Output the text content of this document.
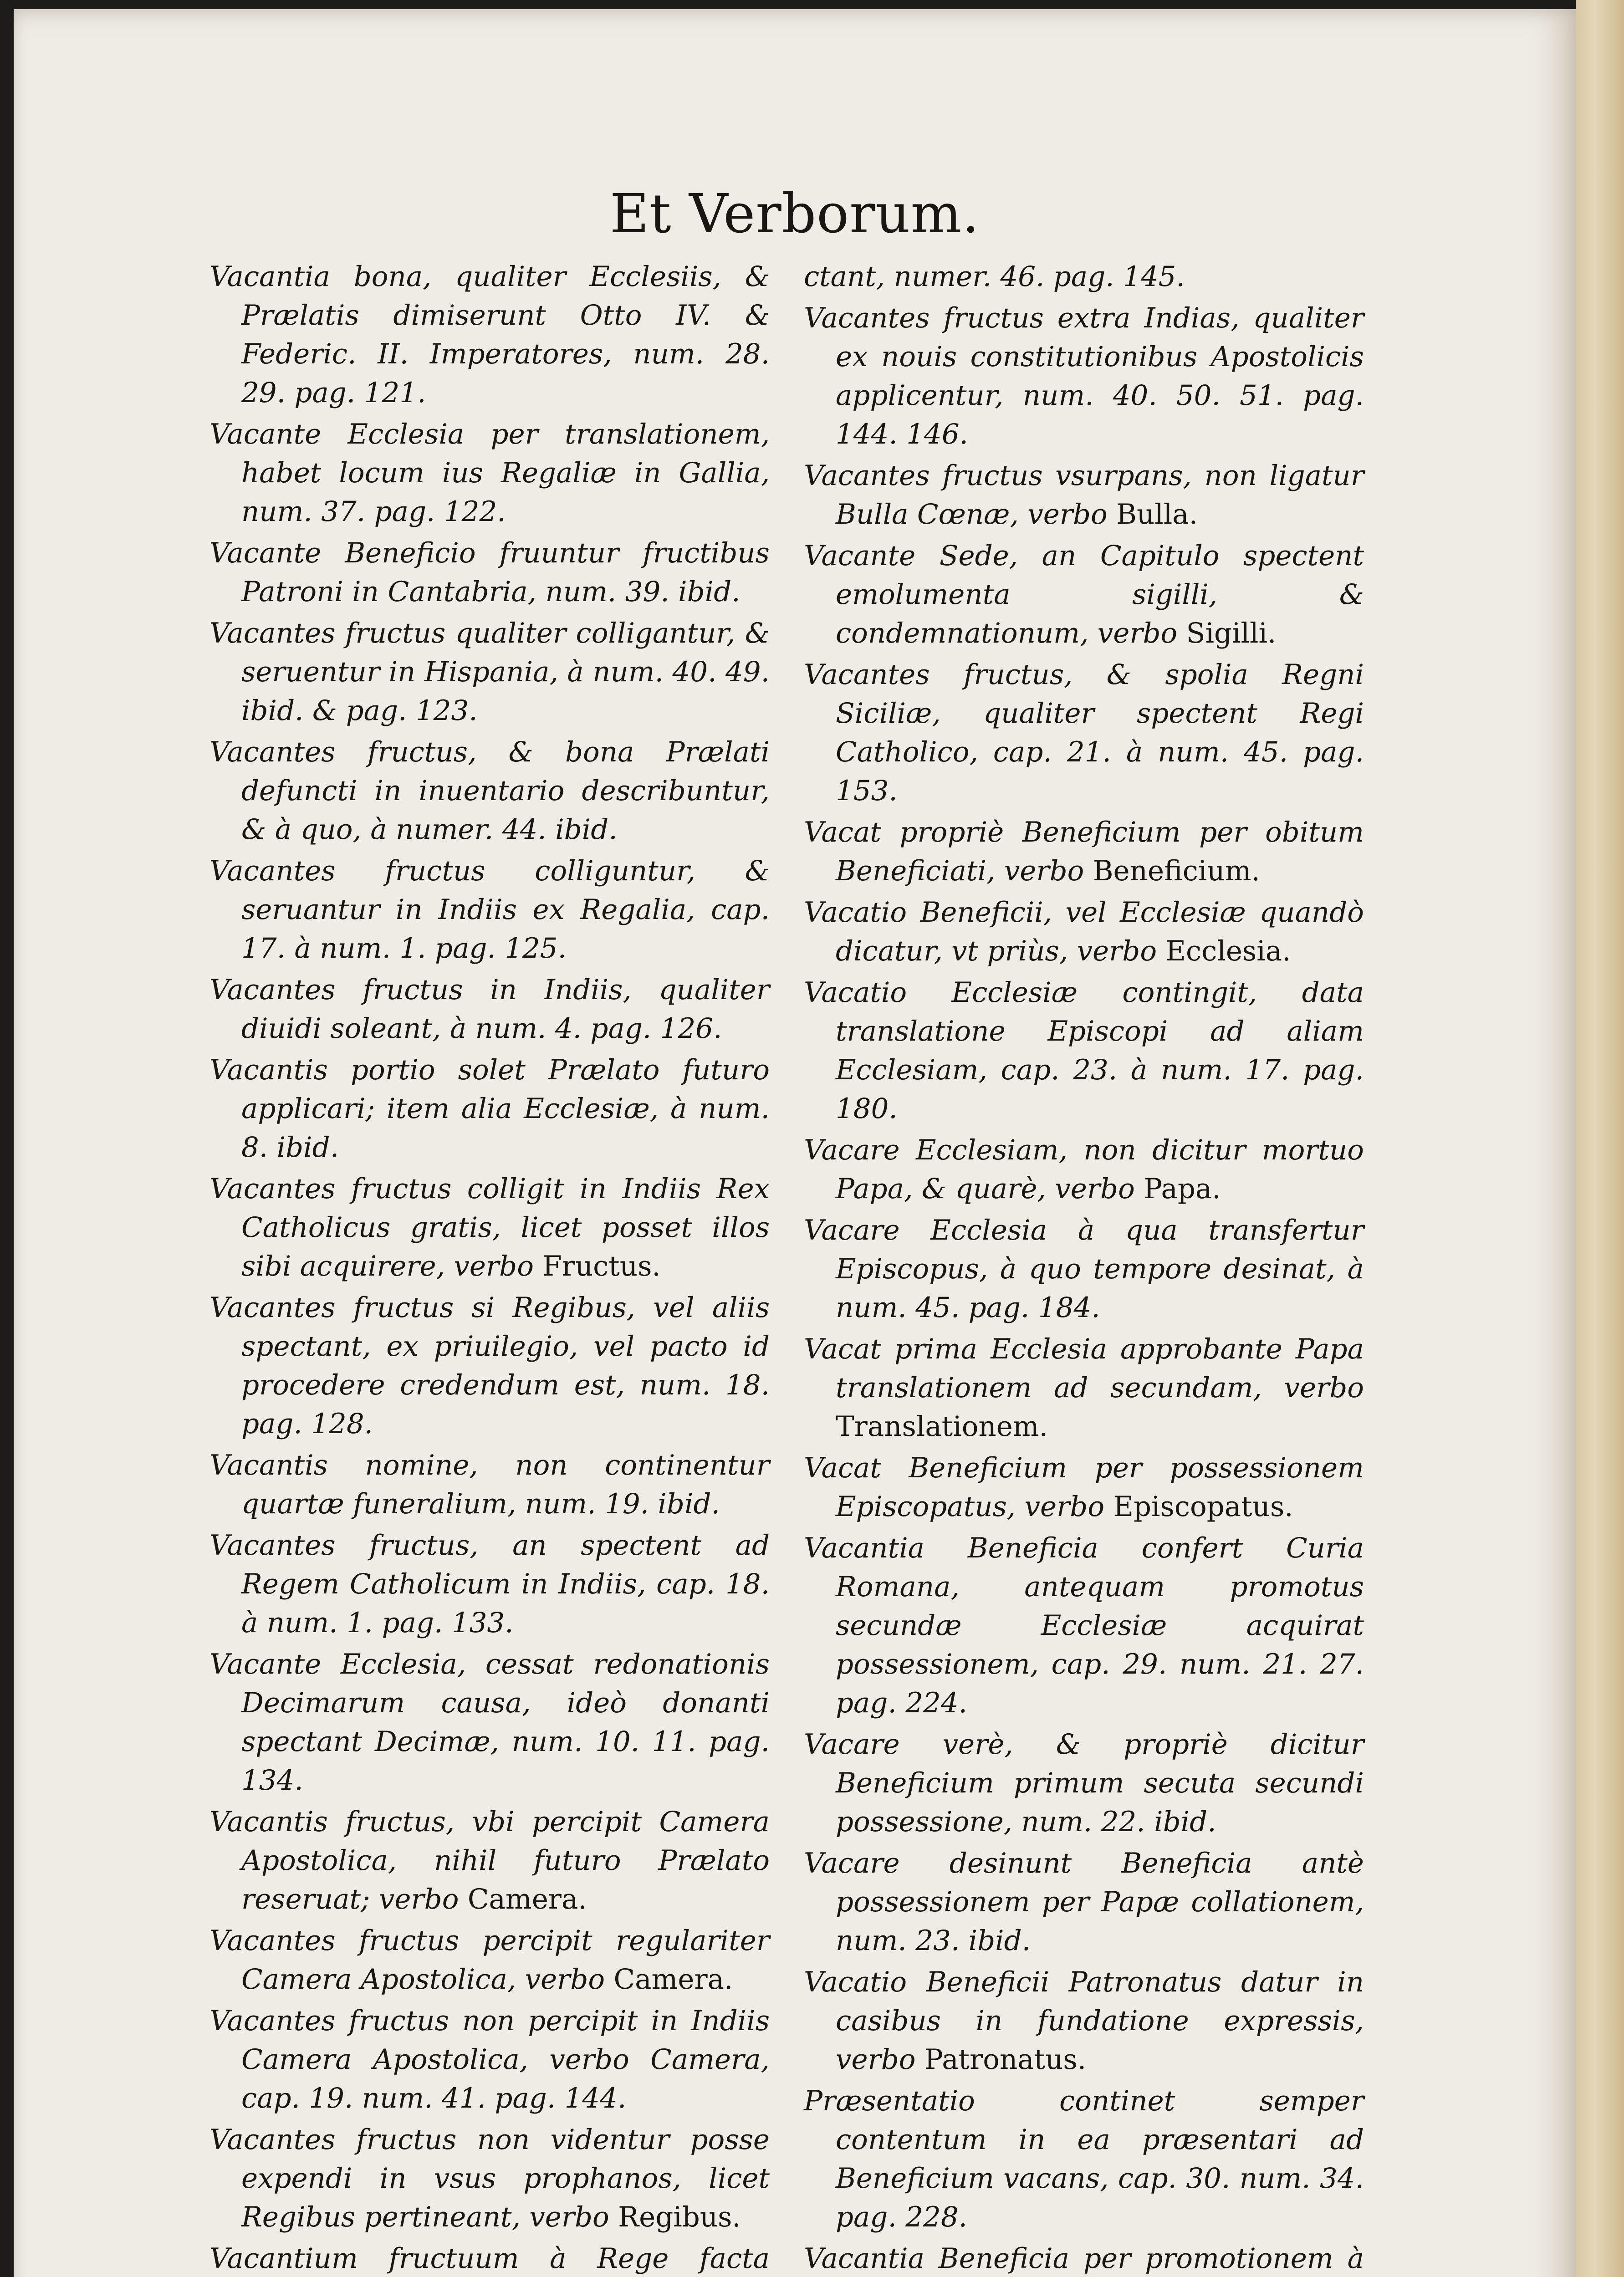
Et Verborum.

Vacantia bona, qualiter Ecclesiis, & Prælatis dimiserunt Otto IV. & Federic. II. Imperatores, num. 28. 29. pag. 121.

Vacante Ecclesia per translationem, habet locum ius Regaliæ in Gallia, num. 37. pag. 122.

Vacante Beneficio fruuntur fructibus Patroni in Cantabria, num. 39. ibid.

Vacantes fructus qualiter colligantur, & seruentur in Hispania, à num. 40. 49. ibid. & pag. 123.

Vacantes fructus, & bona Prælati defuncti in inuentario describuntur, & à quo, à numer. 44. ibid.

Vacantes fructus colliguntur, & seruantur in Indiis ex Regalia, cap. 17. à num. 1. pag. 125.

Vacantes fructus in Indiis, qualiter diuidi soleant, à num. 4. pag. 126.

Vacantis portio solet Prælato futuro applicari; item alia Ecclesiæ, à num. 8. ibid.

Vacantes fructus colligit in Indiis Rex Catholicus gratis, licet posset illos sibi acquirere, verbo Fructus.

Vacantes fructus si Regibus, vel aliis spectant, ex priuilegio, vel pacto id procedere credendum est, num. 18. pag. 128.

Vacantis nomine, non continentur quartæ funeralium, num. 19. ibid.

Vacantes fructus, an spectent ad Regem Catholicum in Indiis, cap. 18. à num. 1. pag. 133.

Vacante Ecclesia, cessat redonationis Decimarum causa, ideò donanti spectant Decimæ, num. 10. 11. pag. 134.

Vacantis fructus, vbi percipit Camera Apostolica, nihil futuro Prælato reseruat; verbo Camera.

Vacantes fructus percipit regulariter Camera Apostolica, verbo Camera.

Vacantes fructus non percipit in Indiis Camera Apostolica, verbo Camera, cap. 19. num. 41. pag. 144.

Vacantes fructus non videntur posse expendi in vsus prophanos, licet Regibus pertineant, verbo Regibus.

Vacantium fructuum à Rege facta

ctant, numer. 46. pag. 145.

Vacantes fructus extra Indias, qualiter ex nouis constitutionibus Apostolicis applicentur, num. 40. 50. 51. pag. 144. 146.

Vacantes fructus vsurpans, non ligatur Bulla Cœnæ, verbo Bulla.

Vacante Sede, an Capitulo spectent emolumenta sigilli, & condemnationum, verbo Sigilli.

Vacantes fructus, & spolia Regni Siciliæ, qualiter spectent Regi Catholico, cap. 21. à num. 45. pag. 153.

Vacat propriè Beneficium per obitum Beneficiati, verbo Beneficium.

Vacatio Beneficii, vel Ecclesiæ quandò dicatur, vt priùs, verbo Ecclesia.

Vacatio Ecclesiæ contingit, data translatione Episcopi ad aliam Ecclesiam, cap. 23. à num. 17. pag. 180.

Vacare Ecclesiam, non dicitur mortuo Papa, & quarè, verbo Papa.

Vacare Ecclesia à qua transfertur Episcopus, à quo tempore desinat, à num. 45. pag. 184.

Vacat prima Ecclesia approbante Papa translationem ad secundam, verbo Translationem.

Vacat Beneficium per possessionem Episcopatus, verbo Episcopatus.

Vacantia Beneficia confert Curia Romana, antequam promotus secundæ Ecclesiæ acquirat possessionem, cap. 29. num. 21. 27. pag. 224.

Vacare verè, & propriè dicitur Beneficium primum secuta secundi possessione, num. 22. ibid.

Vacare desinunt Beneficia antè possessionem per Papæ collationem, num. 23. ibid.

Vacatio Beneficii Patronatus datur in casibus in fundatione expressis, verbo Patronatus.

Præsentatio continet semper contentum in ea præsentari ad Beneficium vacans, cap. 30. num. 34. pag. 228.

Vacantia Beneficia per promotionem à
